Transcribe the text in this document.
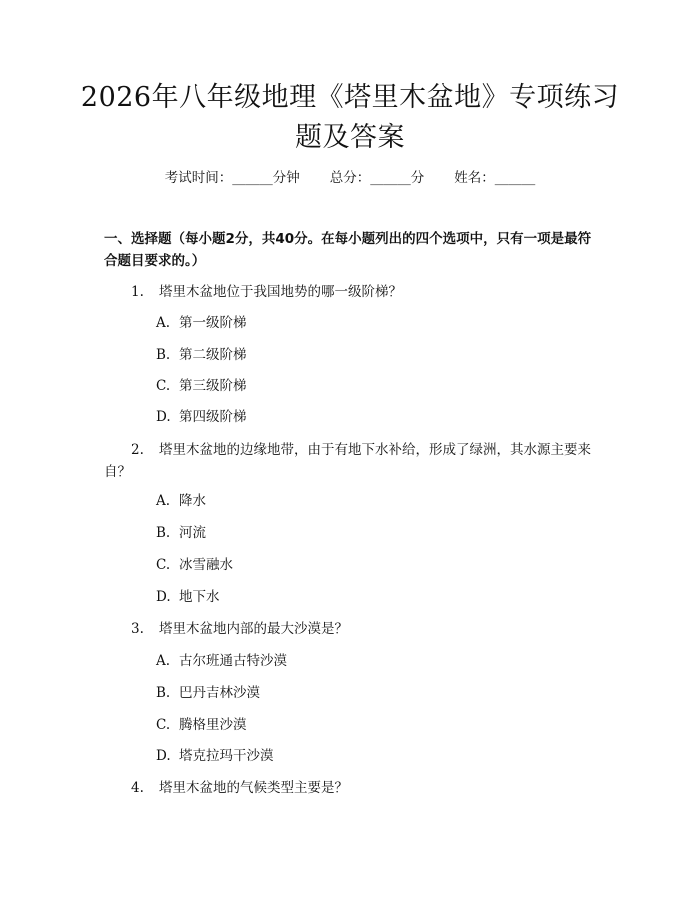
2026年八年级地理《塔里木盆地》专项练习题及答案
考试时间：______分钟 总分：______分 姓名：______
一、选择题（每小题2分，共40分。在每小题列出的四个选项中，只有一项是最符合题目要求的。）
1. 塔里木盆地位于我国地势的哪一级阶梯？
A. 第一级阶梯
B. 第二级阶梯
C. 第三级阶梯
D. 第四级阶梯
2. 塔里木盆地的边缘地带，由于有地下水补给，形成了绿洲，其水源主要来自？
A. 降水
B. 河流
C. 冰雪融水
D. 地下水
3. 塔里木盆地内部的最大沙漠是？
A. 古尔班通古特沙漠
B. 巴丹吉林沙漠
C. 腾格里沙漠
D. 塔克拉玛干沙漠
4. 塔里木盆地的气候类型主要是？
